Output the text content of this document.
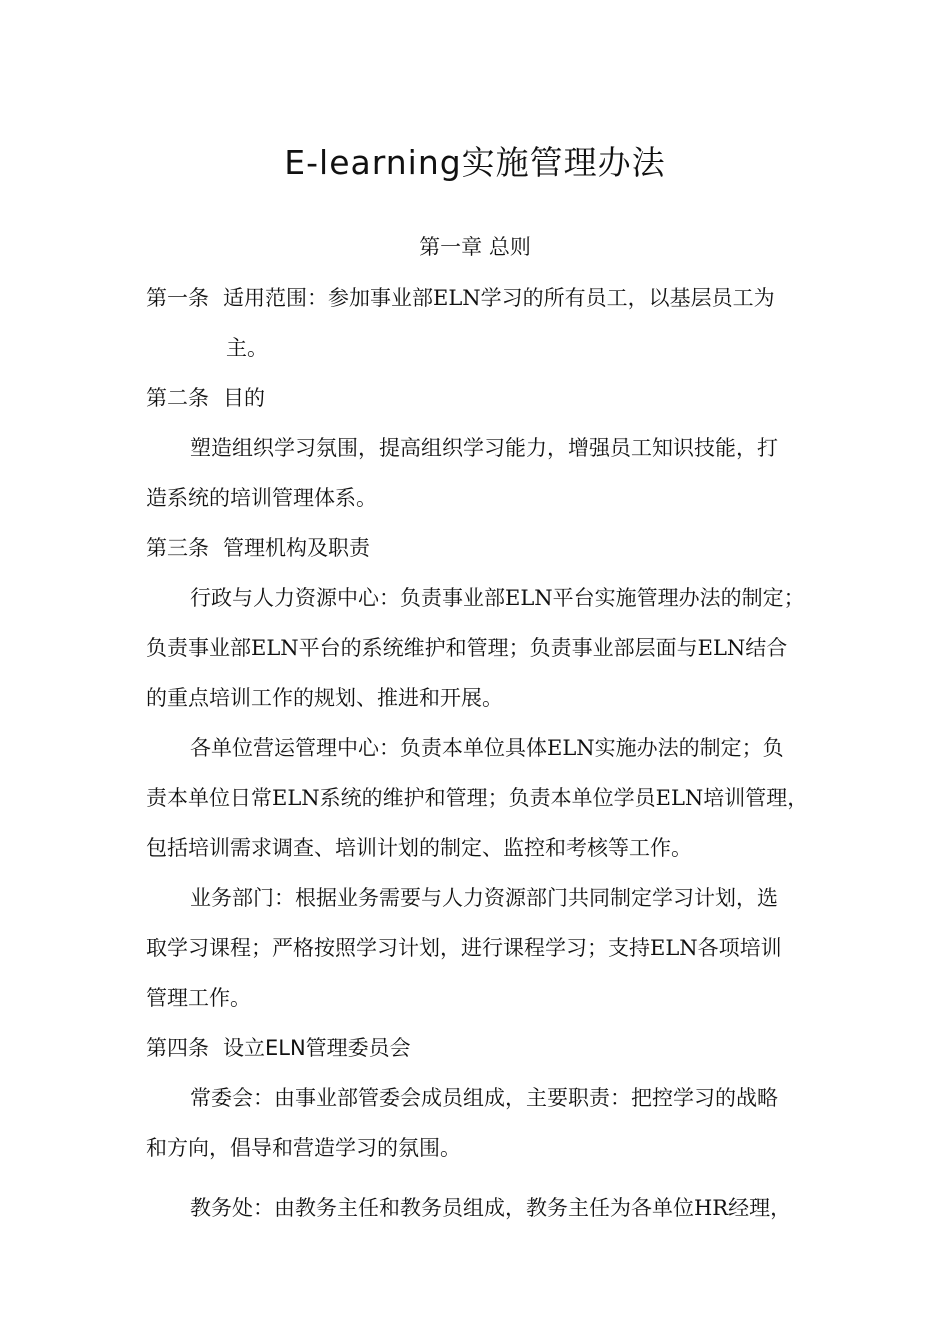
E-learning实施管理办法
第一章 总则
第一条 适用范围：参加事业部ELN学习的所有员工，以基层员工为
主。
第二条 目的
塑造组织学习氛围，提高组织学习能力，增强员工知识技能，打
造系统的培训管理体系。
第三条 管理机构及职责
行政与人力资源中心：负责事业部ELN平台实施管理办法的制定；
负责事业部ELN平台的系统维护和管理；负责事业部层面与ELN结合
的重点培训工作的规划、推进和开展。
各单位营运管理中心：负责本单位具体ELN实施办法的制定；负
责本单位日常ELN系统的维护和管理；负责本单位学员ELN培训管理，
包括培训需求调查、培训计划的制定、监控和考核等工作。
业务部门：根据业务需要与人力资源部门共同制定学习计划，选
取学习课程；严格按照学习计划，进行课程学习；支持ELN各项培训
管理工作。
第四条 设立ELN管理委员会
常委会：由事业部管委会成员组成，主要职责：把控学习的战略
和方向，倡导和营造学习的氛围。
教务处：由教务主任和教务员组成，教务主任为各单位HR经理，
